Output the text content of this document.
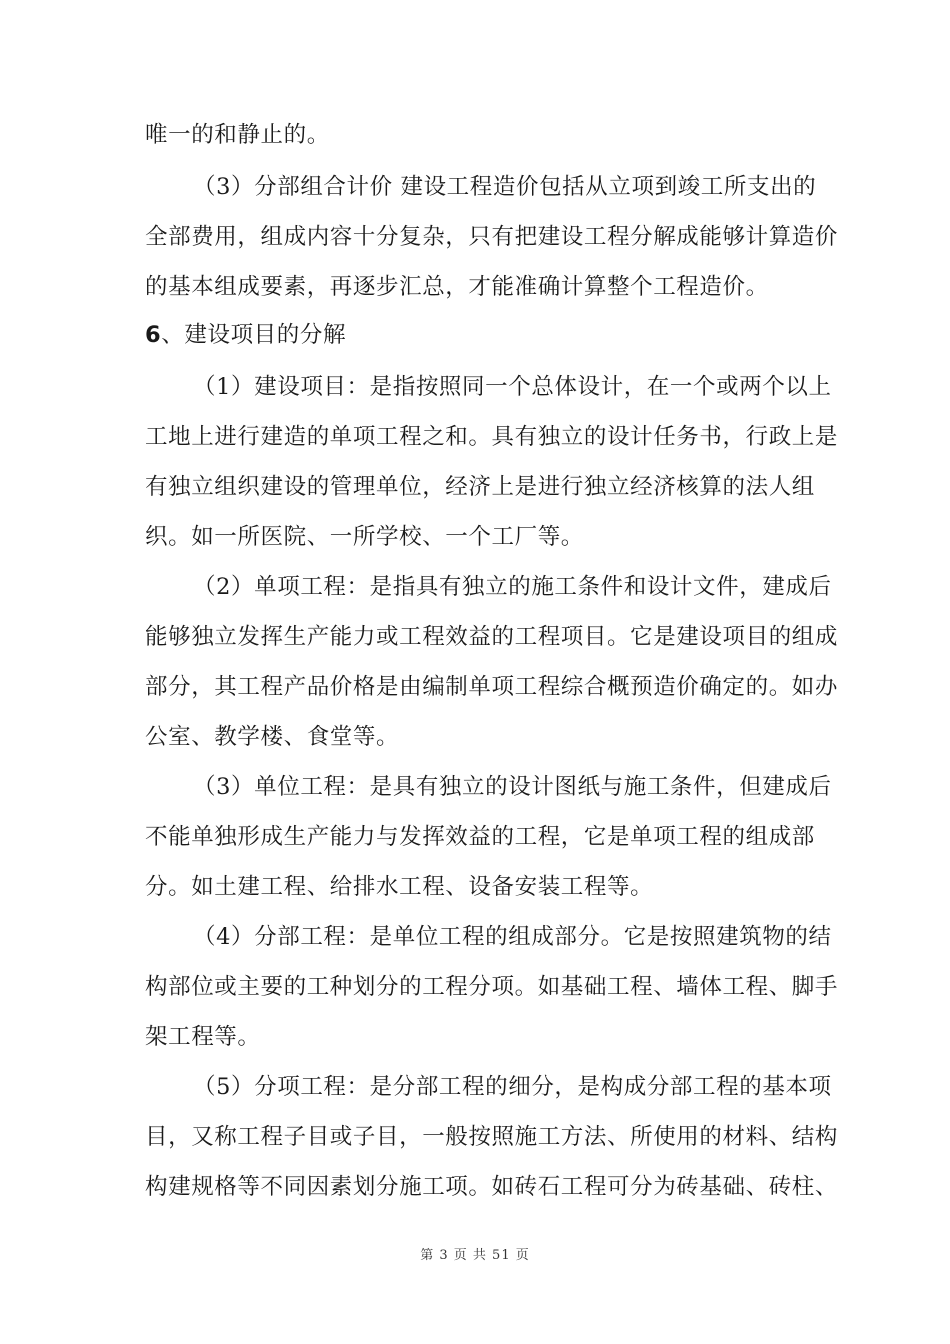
唯一的和静止的。
（3）分部组合计价 建设工程造价包括从立项到竣工所支出的
全部费用，组成内容十分复杂，只有把建设工程分解成能够计算造价
的基本组成要素，再逐步汇总，才能准确计算整个工程造价。
6、建设项目的分解
（1）建设项目：是指按照同一个总体设计，在一个或两个以上
工地上进行建造的单项工程之和。具有独立的设计任务书，行政上是
有独立组织建设的管理单位，经济上是进行独立经济核算的法人组
织。如一所医院、一所学校、一个工厂等。
（2）单项工程：是指具有独立的施工条件和设计文件，建成后
能够独立发挥生产能力或工程效益的工程项目。它是建设项目的组成
部分，其工程产品价格是由编制单项工程综合概预造价确定的。如办
公室、教学楼、食堂等。
（3）单位工程：是具有独立的设计图纸与施工条件，但建成后
不能单独形成生产能力与发挥效益的工程，它是单项工程的组成部
分。如土建工程、给排水工程、设备安装工程等。
（4）分部工程：是单位工程的组成部分。它是按照建筑物的结
构部位或主要的工种划分的工程分项。如基础工程、墙体工程、脚手
架工程等。
（5）分项工程：是分部工程的细分，是构成分部工程的基本项
目，又称工程子目或子目，一般按照施工方法、所使用的材料、结构
构建规格等不同因素划分施工项。如砖石工程可分为砖基础、砖柱、
第 3 页 共 51 页
